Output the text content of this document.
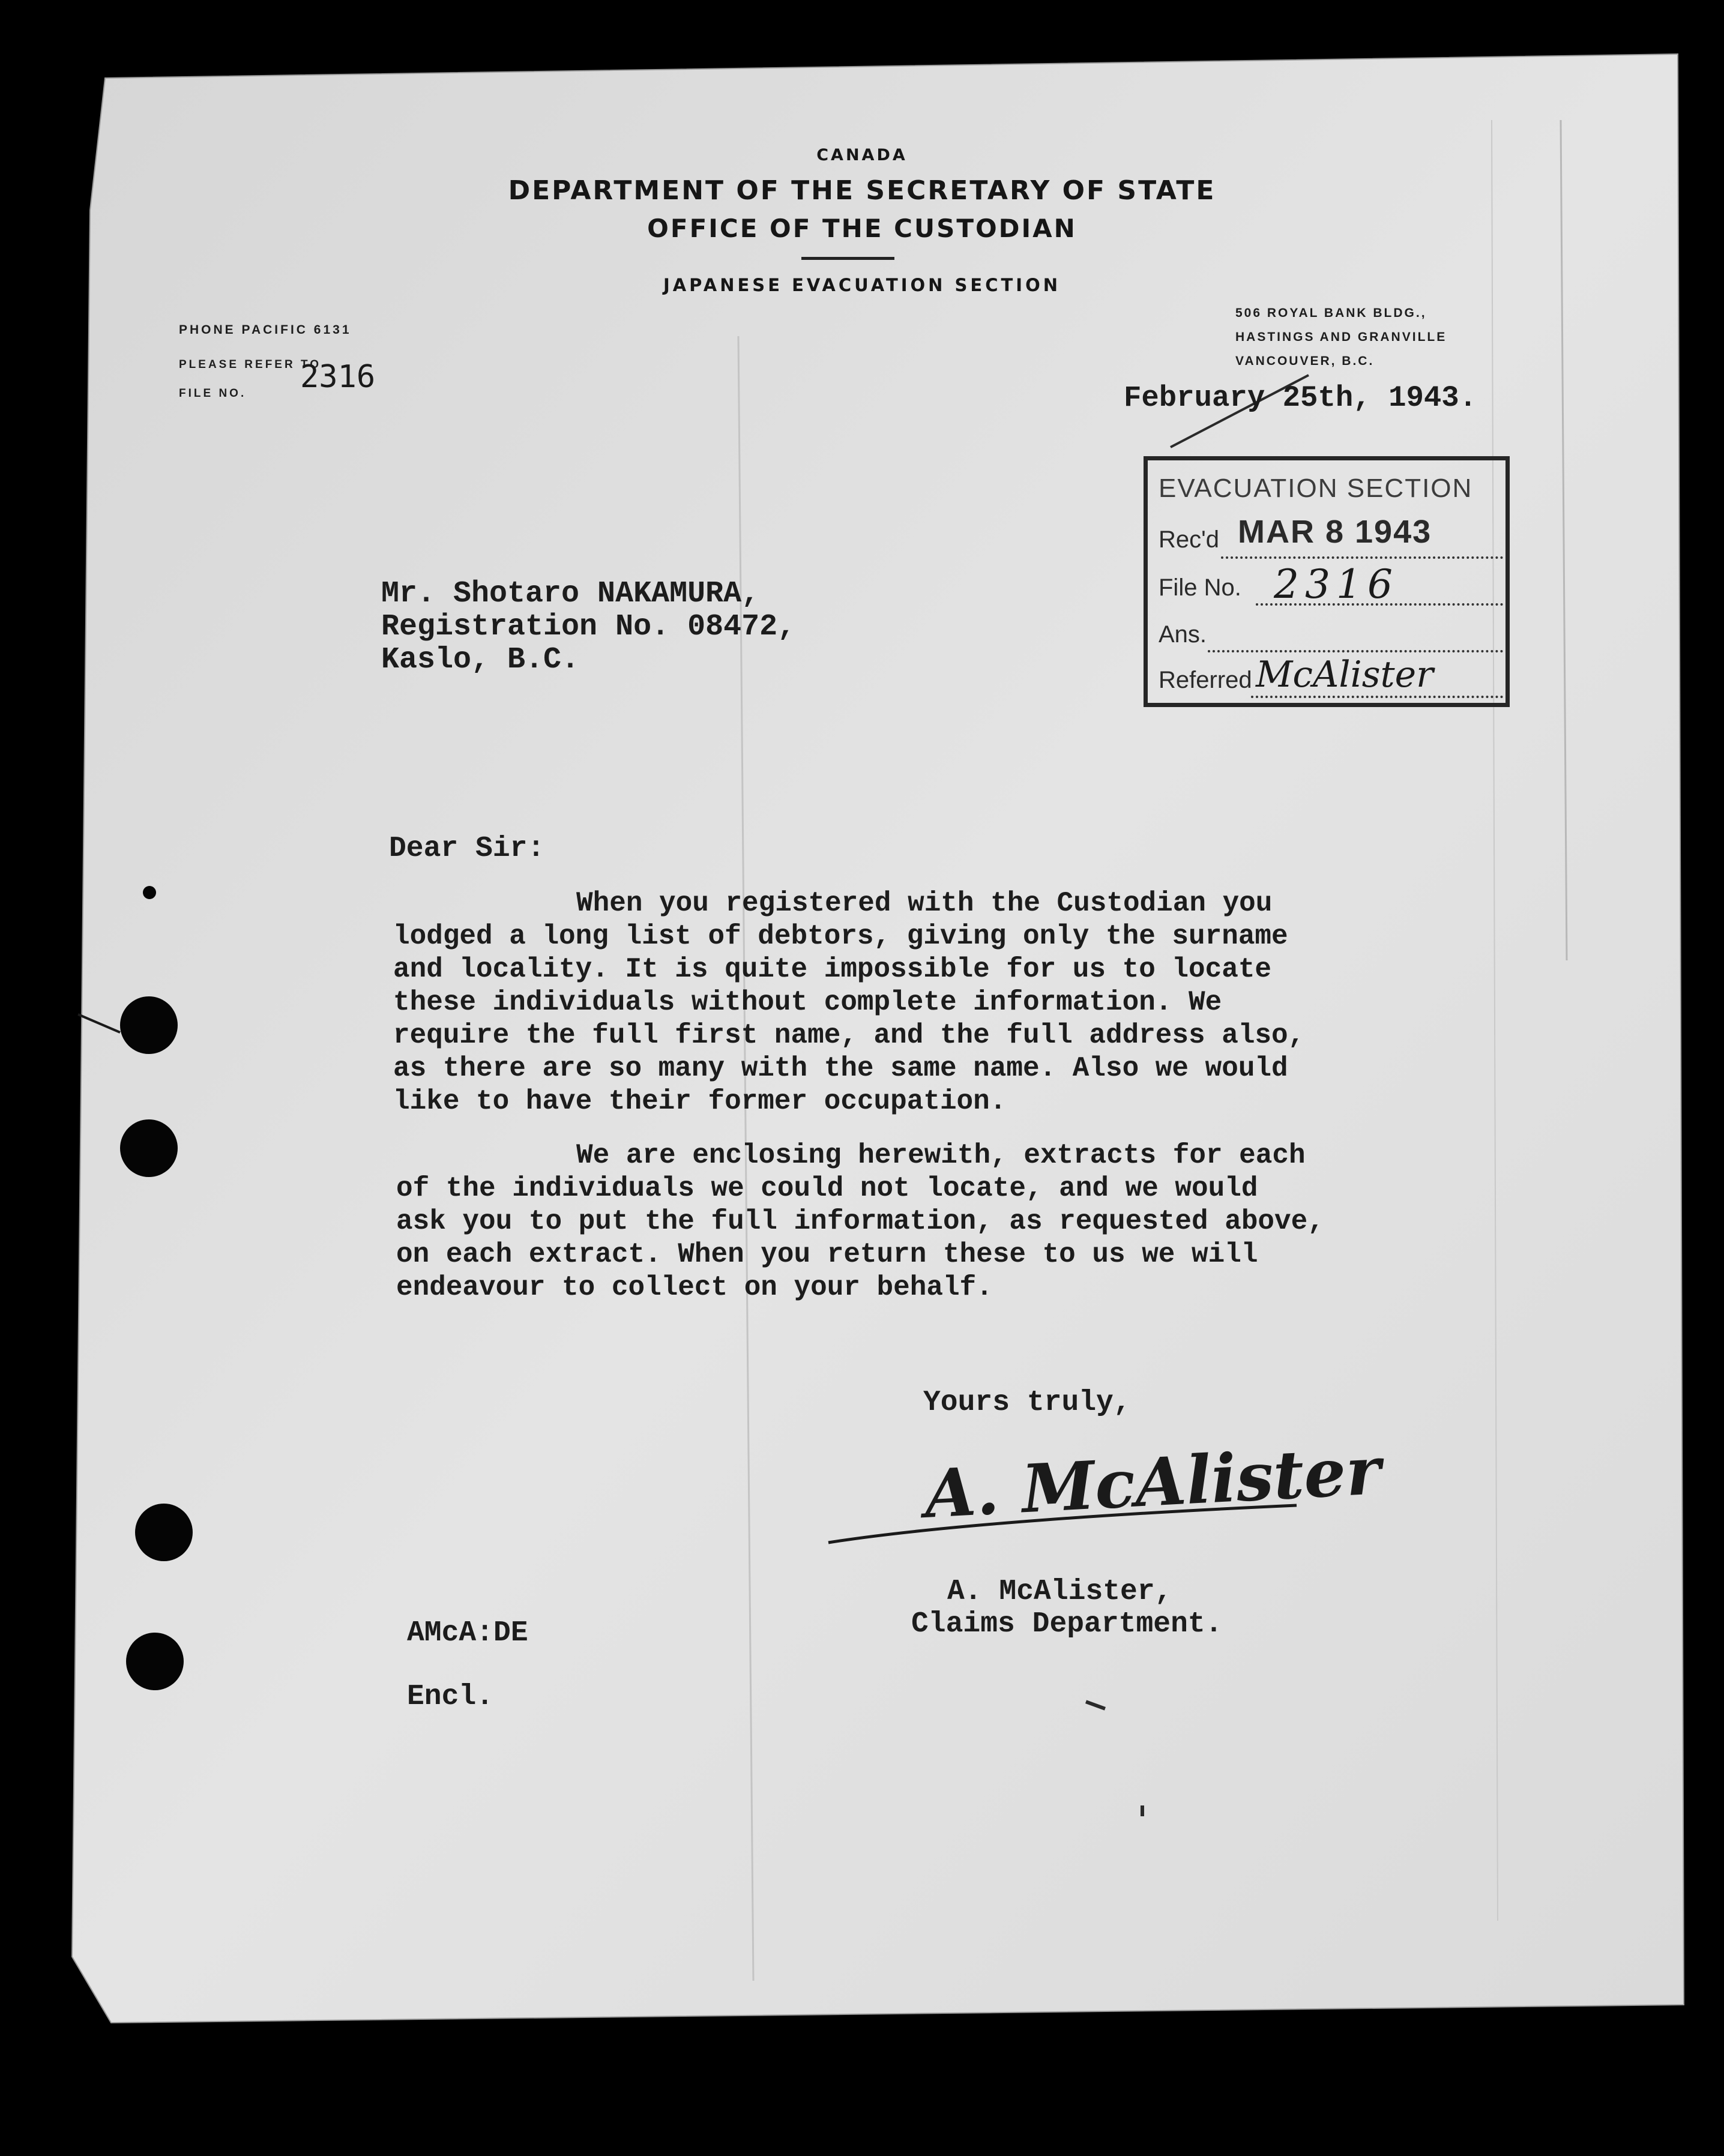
CANADA
DEPARTMENT OF THE SECRETARY OF STATE
OFFICE OF THE CUSTODIAN
JAPANESE EVACUATION SECTION
PHONE PACIFIC 6131
PLEASE REFER TO
FILE NO. 2316
506 ROYAL BANK BLDG.,
HASTINGS AND GRANVILLE
VANCOUVER, B.C.
February 25th, 1943.
EVACUATION SECTION
Rec'd MAR 8 1943
File No. 2316
Ans.
Referred McAlister
Mr. Shotaro NAKAMURA,
Registration No. 08472,
Kaslo, B.C.
Dear Sir:
When you registered with the Custodian you
lodged a long list of debtors, giving only the surname
and locality. It is quite impossible for us to locate
these individuals without complete information. We
require the full first name, and the full address also,
as there are so many with the same name. Also we would
like to have their former occupation.
We are enclosing herewith, extracts for each
of the individuals we could not locate, and we would
ask you to put the full information, as requested above,
on each extract. When you return these to us we will
endeavour to collect on your behalf.
Yours truly,
A. McAlister
A. McAlister,
Claims Department.
AMcA:DE
Encl.
